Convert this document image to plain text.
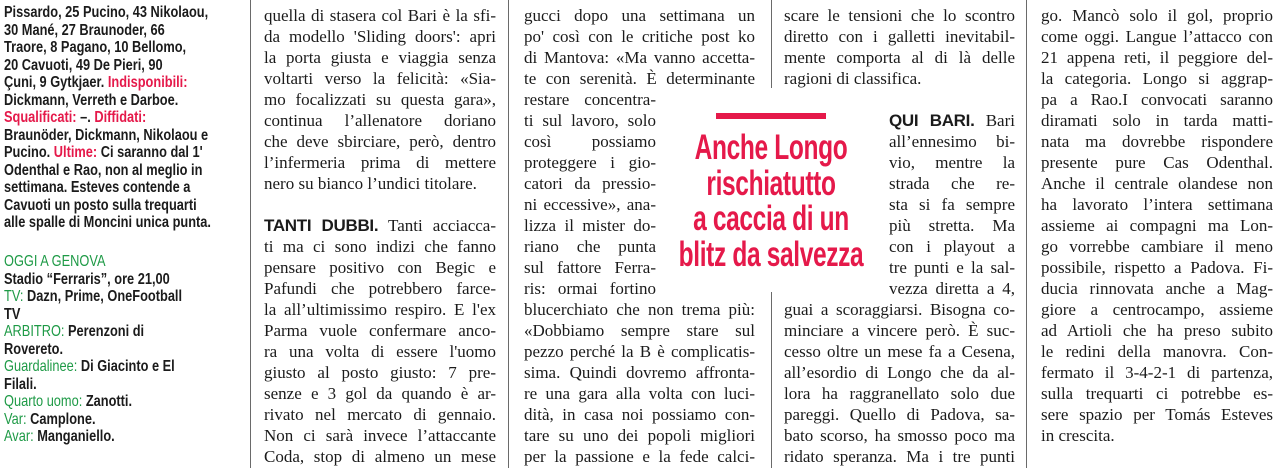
Pissardo, 25 Pucino, 43 Nikolaou,
30 Mané, 27 Braunoder, 66
Traore, 8 Pagano, 10 Bellomo,
20 Cavuoti, 49 De Pieri, 90
Çuni, 9 Gytkjaer. Indisponibili:
Dickmann, Verreth e Darboe.
Squalificati: –. Diffidati:
Braunöder, Dickmann, Nikolaou e
Pucino. Ultime: Ci saranno dal 1'
Odenthal e Rao, non al meglio in
settimana. Esteves contende a
Cavuoti un posto sulla trequarti
alle spalle di Moncini unica punta.
OGGI A GENOVA
Stadio “Ferraris”, ore 21,00
TV: Dazn, Prime, OneFootball
TV
ARBITRO: Perenzoni di
Rovereto.
Guardalinee: Di Giacinto e El
Filali.
Quarto uomo: Zanotti.
Var: Camplone.
Avar: Manganiello.
Anche Longo
rischiatutto
a caccia di un
blitz da salvezza
quella di stasera col Bari è la sfi-
da modello 'Sliding doors': apri
la porta giusta e viaggia senza
voltarti verso la felicità: «Sia-
mo focalizzati su questa gara»,
continua l’allenatore doriano
che deve sbirciare, però, dentro
l’infermeria prima di mettere
nero su bianco l’undici titolare.
TANTI DUBBI. Tanti acciacca-
ti ma ci sono indizi che fanno
pensare positivo con Begic e
Pafundi che potrebbero farce-
la all’ultimissimo respiro. E l'ex
Parma vuole confermare anco-
ra una volta di essere l'uomo
giusto al posto giusto: 7 pre-
senze e 3 gol da quando è ar-
rivato nel mercato di gennaio.
Non ci sarà invece l’attaccante
Coda, stop di almeno un mese
gucci dopo una settimana un
po' così con le critiche post ko
di Mantova: «Ma vanno accetta-
te con serenità. È determinante
restare concentra-
ti sul lavoro, solo
così possiamo
proteggere i gio-
catori da pressio-
ni eccessive», ana-
lizza il mister do-
riano che punta
sul fattore Ferra-
ris: ormai fortino
blucerchiato che non trema più:
«Dobbiamo sempre stare sul
pezzo perché la B è complicatis-
sima. Quindi dovremo affronta-
re una gara alla volta con luci-
dità, in casa noi possiamo con-
tare su uno dei popoli migliori
per la passione e la fede calci-
scare le tensioni che lo scontro
diretto con i galletti inevitabil-
mente comporta al di là delle
ragioni di classifica.
QUI BARI. Bari
all’ennesimo bi-
vio, mentre la
strada che re-
sta si fa sempre
più stretta. Ma
con i playout a
tre punti e la sal-
vezza diretta a 4,
guai a scoraggiarsi. Bisogna co-
minciare a vincere però. È suc-
cesso oltre un mese fa a Cesena,
all’esordio di Longo che da al-
lora ha raggranellato solo due
pareggi. Quello di Padova, sa-
bato scorso, ha smosso poco ma
ridato speranza. Ma i tre punti
go. Mancò solo il gol, proprio
come oggi. Langue l’attacco con
21 appena reti, il peggiore del-
la categoria. Longo si aggrap-
pa a Rao.I convocati saranno
diramati solo in tarda matti-
nata ma dovrebbe rispondere
presente pure Cas Odenthal.
Anche il centrale olandese non
ha lavorato l’intera settimana
assieme ai compagni ma Lon-
go vorrebbe cambiare il meno
possibile, rispetto a Padova. Fi-
ducia rinnovata anche a Mag-
giore a centrocampo, assieme
ad Artioli che ha preso subito
le redini della manovra. Con-
fermato il 3-4-2-1 di partenza,
sulla trequarti ci potrebbe es-
sere spazio per Tomás Esteves
in crescita.
